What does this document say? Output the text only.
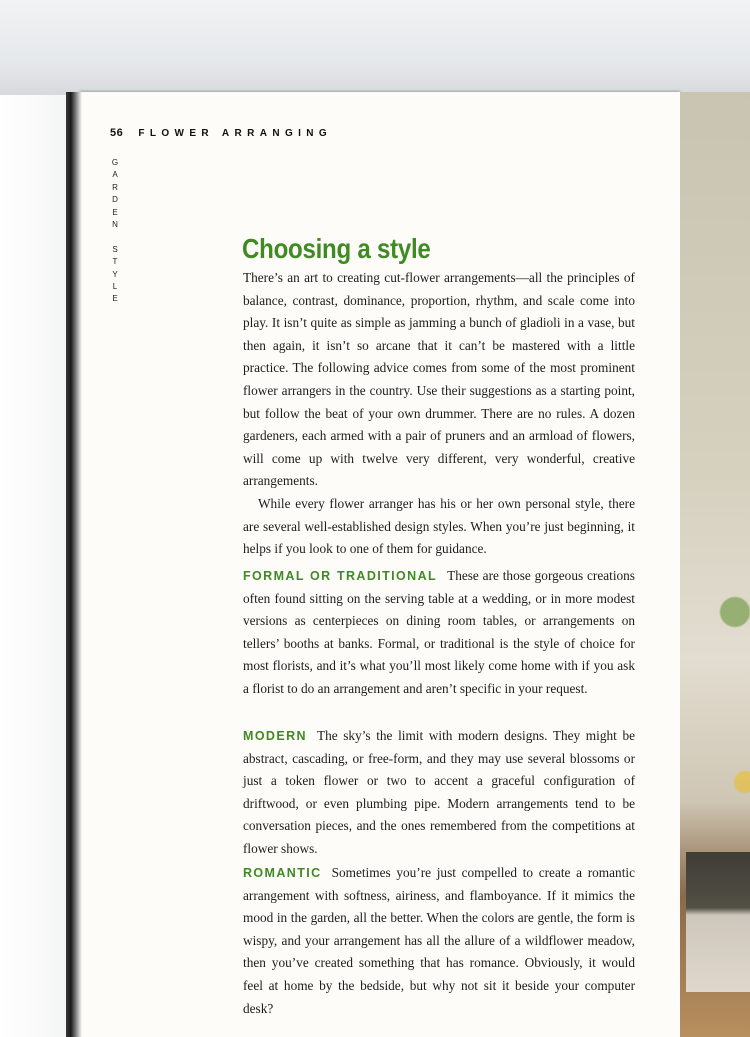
56 FLOWER ARRANGING
G
A
R
D
E
N
S
T
Y
L
E
Choosing a style

There’s an art to creating cut-flower arrangements—all the principles of balance, contrast, dominance, proportion, rhythm, and scale come into play. It isn’t quite as simple as jamming a bunch of gladioli in a vase, but then again, it isn’t so arcane that it can’t be mastered with a little practice. The following advice comes from some of the most prominent flower arrangers in the country. Use their suggestions as a starting point, but follow the beat of your own drummer. There are no rules. A dozen gardeners, each armed with a pair of pruners and an armload of flowers, will come up with twelve very different, very wonderful, creative arrangements.

While every flower arranger has his or her own personal style, there are several well-established design styles. When you’re just beginning, it helps if you look to one of them for guidance.

FORMAL OR TRADITIONAL These are those gorgeous creations often found sitting on the serving table at a wedding, or in more modest versions as centerpieces on dining room tables, or arrangements on tellers’ booths at banks. Formal, or traditional is the style of choice for most florists, and it’s what you’ll most likely come home with if you ask a florist to do an arrangement and aren’t specific in your request.

MODERN The sky’s the limit with modern designs. They might be abstract, cascading, or free-form, and they may use several blossoms or just a token flower or two to accent a graceful configuration of driftwood, or even plumbing pipe. Modern arrangements tend to be conversation pieces, and the ones remembered from the competitions at flower shows.

ROMANTIC Sometimes you’re just compelled to create a romantic arrangement with softness, airiness, and flamboyance. If it mimics the mood in the garden, all the better. When the colors are gentle, the form is wispy, and your arrangement has all the allure of a wildflower meadow, then you’ve created something that has romance. Obviously, it would feel at home by the bedside, but why not sit it beside your computer desk?
